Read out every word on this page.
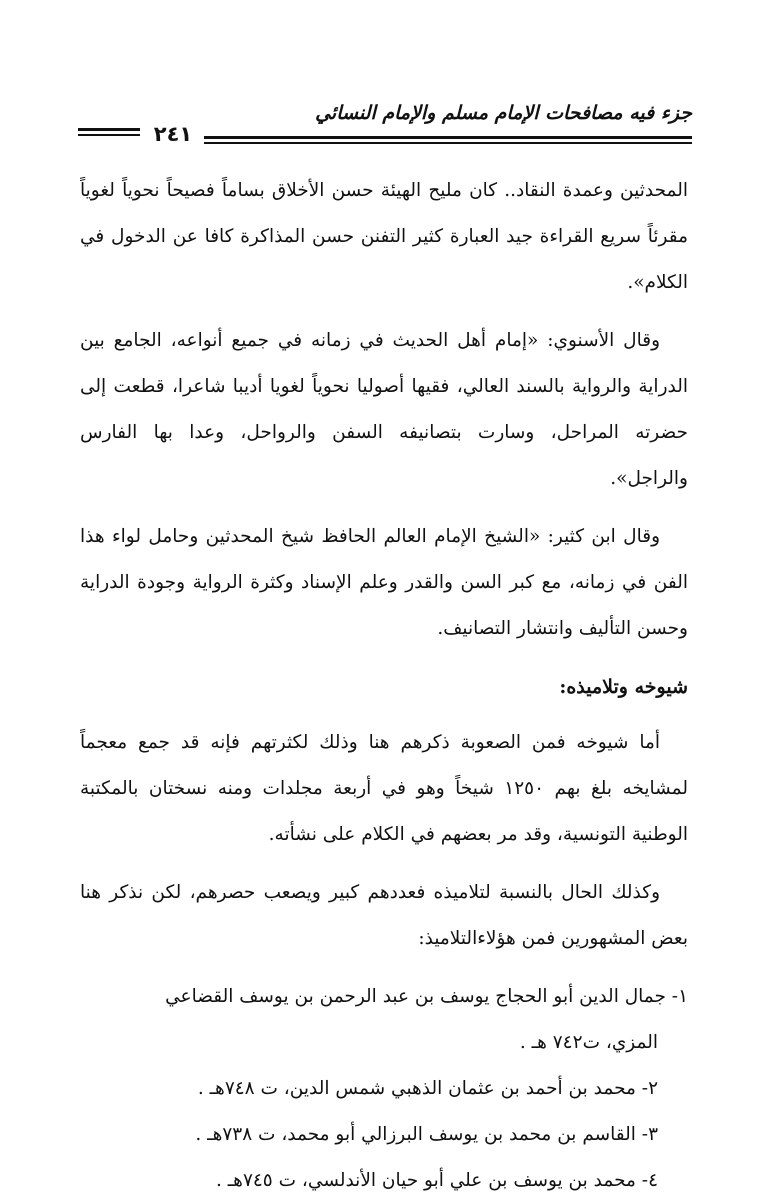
جزء فيه مصافحات الإمام مسلم والإمام النسائي
٢٤١

المحدثين وعمدة النقاد.. كان مليح الهيئة حسن الأخلاق بساماً فصيحاً نحوياً لغوياً مقرئاً سريع القراءة جيد العبارة كثير التفنن حسن المذاكرة كافا عن الدخول في الكلام».

وقال الأسنوي: «إمام أهل الحديث في زمانه في جميع أنواعه، الجامع بين الدراية والرواية بالسند العالي، فقيها أصوليا نحوياً لغويا أديبا شاعرا، قطعت إلى حضرته المراحل، وسارت بتصانيفه السفن والرواحل، وعدا بها الفارس والراجل».

وقال ابن كثير: «الشيخ الإمام العالم الحافظ شيخ المحدثين وحامل لواء هذا الفن في زمانه، مع كبر السن والقدر وعلم الإسناد وكثرة الرواية وجودة الدراية وحسن التأليف وانتشار التصانيف.

شيوخه وتلاميذه:

أما شيوخه فمن الصعوبة ذكرهم هنا وذلك لكثرتهم فإنه قد جمع معجماً لمشايخه بلغ بهم ١٢٥٠ شيخاً وهو في أربعة مجلدات ومنه نسختان بالمكتبة الوطنية التونسية، وقد مر بعضهم في الكلام على نشأته.

وكذلك الحال بالنسبة لتلاميذه فعددهم كبير ويصعب حصرهم، لكن نذكر هنا بعض المشهورين فمن هؤلاءالتلاميذ:

١- جمال الدين أبو الحجاج يوسف بن عبد الرحمن بن يوسف القضاعي
المزي، ت٧٤٢ هـ .
٢- محمد بن أحمد بن عثمان الذهبي شمس الدين، ت ٧٤٨هـ .
٣- القاسم بن محمد بن يوسف البرزالي أبو محمد، ت ٧٣٨هـ .
٤- محمد بن يوسف بن علي أبو حيان الأندلسي، ت ٧٤٥هـ .
